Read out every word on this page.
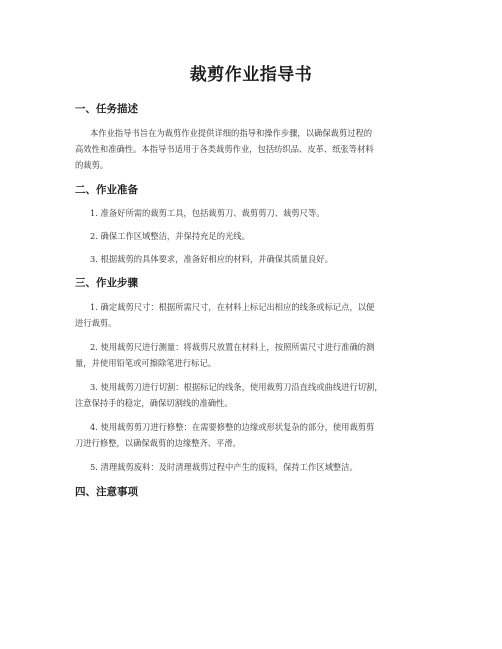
裁剪作业指导书
一、任务描述
本作业指导书旨在为裁剪作业提供详细的指导和操作步骤，以确保裁剪过程的
高效性和准确性。本指导书适用于各类裁剪作业，包括纺织品、皮革、纸张等材料
的裁剪。
二、作业准备
1. 准备好所需的裁剪工具，包括裁剪刀、裁剪剪刀、裁剪尺等。
2. 确保工作区域整洁，并保持充足的光线。
3. 根据裁剪的具体要求，准备好相应的材料，并确保其质量良好。
三、作业步骤
1. 确定裁剪尺寸：根据所需尺寸，在材料上标记出相应的线条或标记点，以便
进行裁剪。
2. 使用裁剪尺进行测量：将裁剪尺放置在材料上，按照所需尺寸进行准确的测
量，并使用铅笔或可擦除笔进行标记。
3. 使用裁剪刀进行切割：根据标记的线条，使用裁剪刀沿直线或曲线进行切割，
注意保持手的稳定，确保切割线的准确性。
4. 使用裁剪剪刀进行修整：在需要修整的边缘或形状复杂的部分，使用裁剪剪
刀进行修整，以确保裁剪的边缘整齐、平滑。
5. 清理裁剪废料：及时清理裁剪过程中产生的废料，保持工作区域整洁。
四、注意事项
